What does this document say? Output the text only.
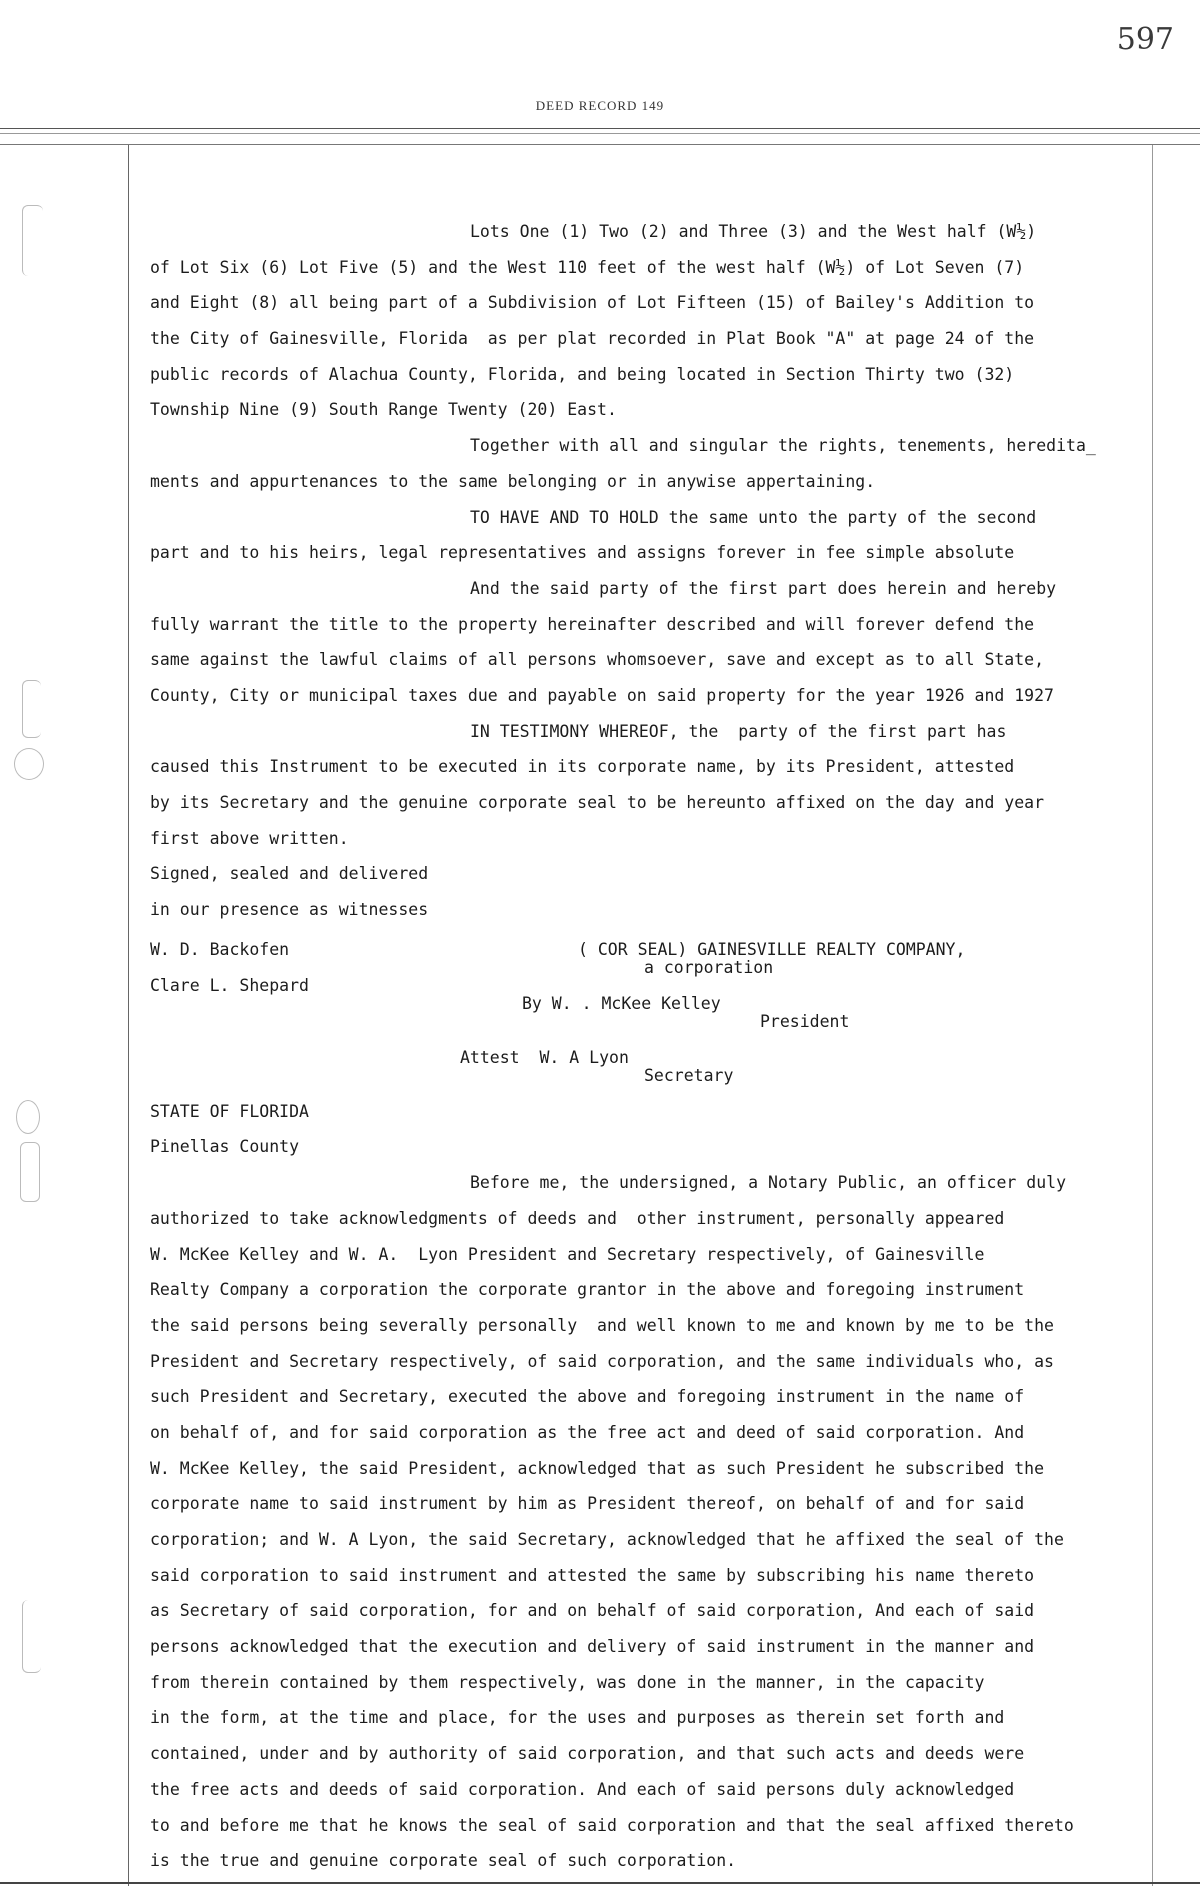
597
DEED RECORD 149
Lots One (1) Two (2) and Three (3) and the West half (W½)
of Lot Six (6) Lot Five (5) and the West 110 feet of the west half (W½) of Lot Seven (7)
and Eight (8) all being part of a Subdivision of Lot Fifteen (15) of Bailey's Addition to
the City of Gainesville, Florida  as per plat recorded in Plat Book "A" at page 24 of the
public records of Alachua County, Florida, and being located in Section Thirty two (32)
Township Nine (9) South Range Twenty (20) East.
Together with all and singular the rights, tenements, heredita_
ments and appurtenances to the same belonging or in anywise appertaining.
TO HAVE AND TO HOLD the same unto the party of the second
part and to his heirs, legal representatives and assigns forever in fee simple absolute
And the said party of the first part does herein and hereby
fully warrant the title to the property hereinafter described and will forever defend the
same against the lawful claims of all persons whomsoever, save and except as to all State,
County, City or municipal taxes due and payable on said property for the year 1926 and 1927
IN TESTIMONY WHEREOF, the  party of the first part has
caused this Instrument to be executed in its corporate name, by its President, attested
by its Secretary and the genuine corporate seal to be hereunto affixed on the day and year
first above written.
Signed, sealed and delivered
in our presence as witnesses
W. D. Backofen	( COR SEAL) GAINESVILLE REALTY COMPANY,
a corporation
Clare L. Shepard
By W. . McKee Kelley
President
Attest  W. A Lyon
Secretary
STATE OF FLORIDA
Pinellas County
Before me, the undersigned, a Notary Public, an officer duly
authorized to take acknowledgments of deeds and  other instrument, personally appeared
W. McKee Kelley and W. A.  Lyon President and Secretary respectively, of Gainesville
Realty Company a corporation the corporate grantor in the above and foregoing instrument
the said persons being severally personally  and well known to me and known by me to be the
President and Secretary respectively, of said corporation, and the same individuals who, as
such President and Secretary, executed the above and foregoing instrument in the name of
on behalf of, and for said corporation as the free act and deed of said corporation. And
W. McKee Kelley, the said President, acknowledged that as such President he subscribed the
corporate name to said instrument by him as President thereof, on behalf of and for said
corporation; and W. A Lyon, the said Secretary, acknowledged that he affixed the seal of the
said corporation to said instrument and attested the same by subscribing his name thereto
as Secretary of said corporation, for and on behalf of said corporation, And each of said
persons acknowledged that the execution and delivery of said instrument in the manner and
from therein contained by them respectively, was done in the manner, in the capacity
in the form, at the time and place, for the uses and purposes as therein set forth and
contained, under and by authority of said corporation, and that such acts and deeds were
the free acts and deeds of said corporation. And each of said persons duly acknowledged
to and before me that he knows the seal of said corporation and that the seal affixed thereto
is the true and genuine corporate seal of such corporation.
